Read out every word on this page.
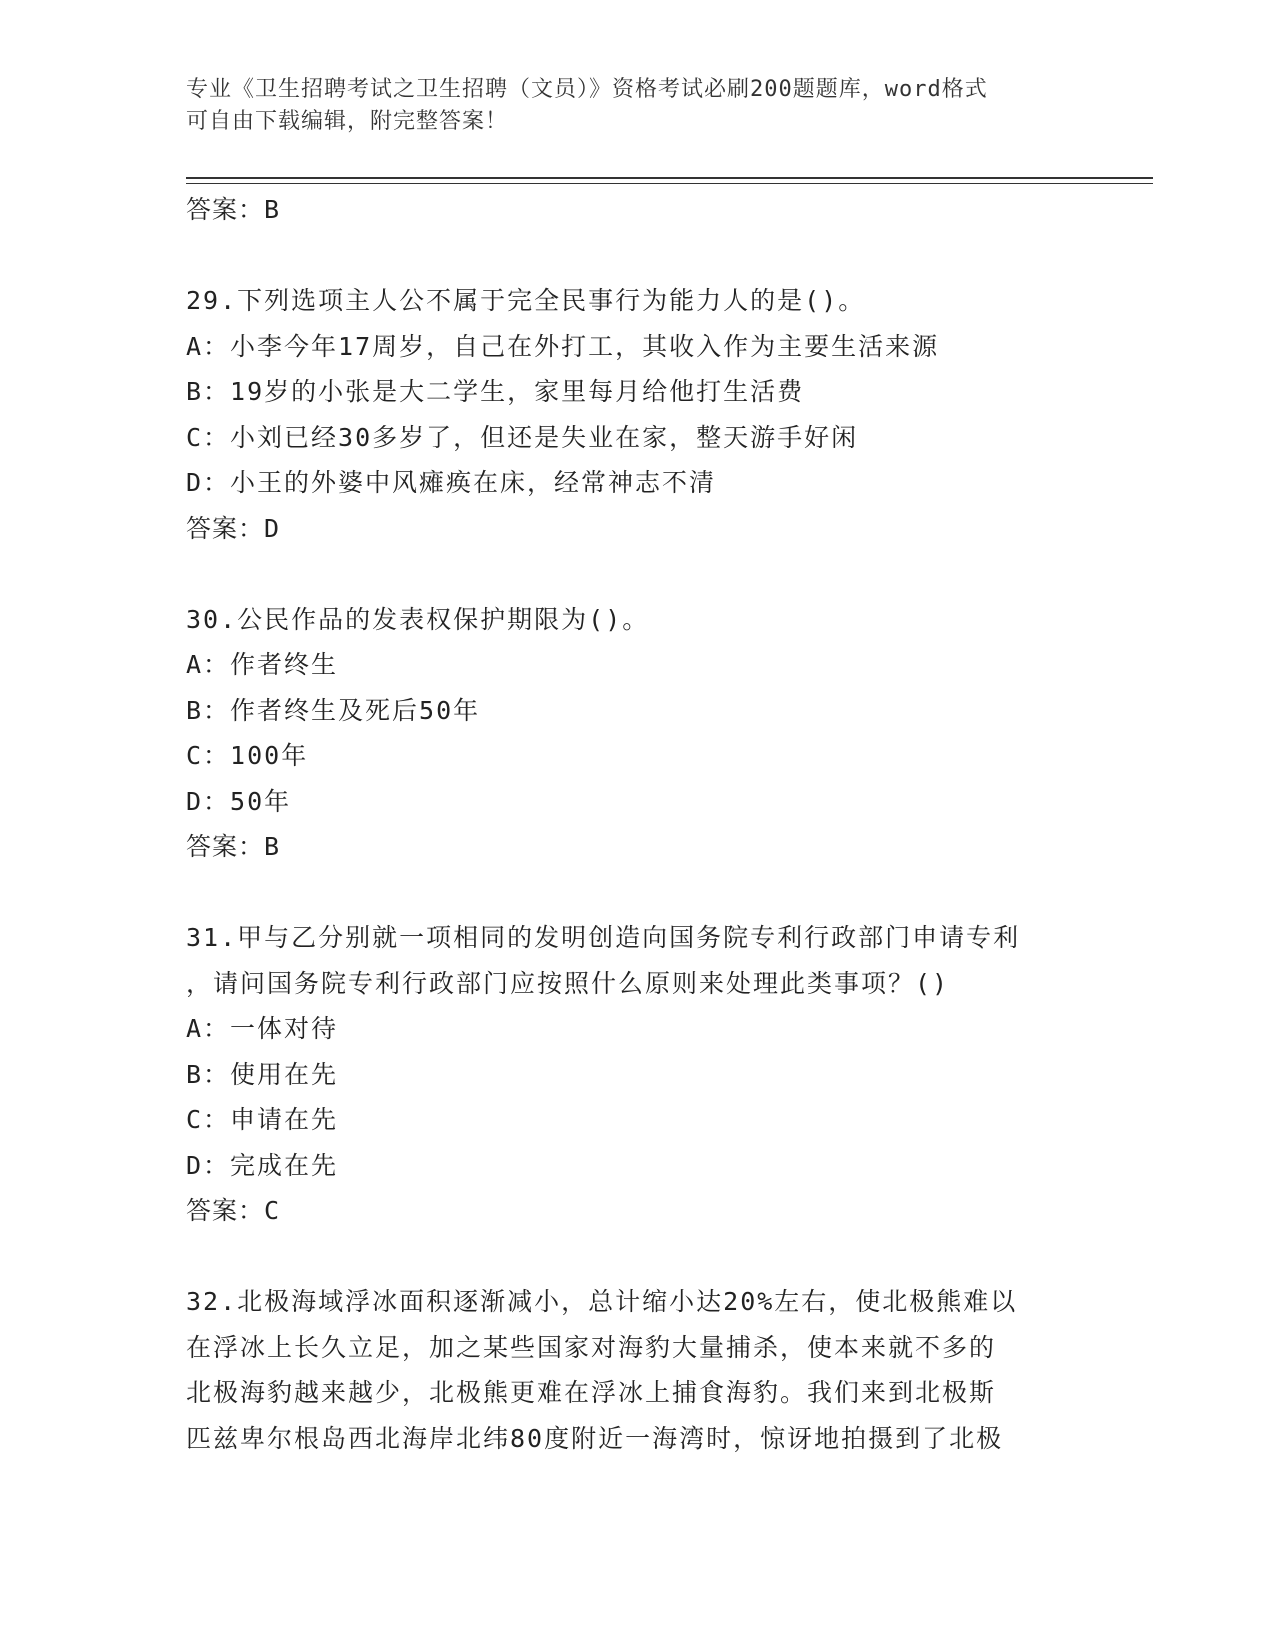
专业《卫生招聘考试之卫生招聘（文员）》资格考试必刷200题题库，word格式
可自由下载编辑，附完整答案！
答案：B
29.下列选项主人公不属于完全民事行为能力人的是()。
A：小李今年17周岁，自己在外打工，其收入作为主要生活来源
B：19岁的小张是大二学生，家里每月给他打生活费
C：小刘已经30多岁了，但还是失业在家，整天游手好闲
D：小王的外婆中风瘫痪在床，经常神志不清
答案：D
30.公民作品的发表权保护期限为()。
A：作者终生
B：作者终生及死后50年
C：100年
D：50年
答案：B
31.甲与乙分别就一项相同的发明创造向国务院专利行政部门申请专利
，请问国务院专利行政部门应按照什么原则来处理此类事项？()
A：一体对待
B：使用在先
C：申请在先
D：完成在先
答案：C
32.北极海域浮冰面积逐渐减小，总计缩小达20%左右，使北极熊难以
在浮冰上长久立足，加之某些国家对海豹大量捕杀，使本来就不多的
北极海豹越来越少，北极熊更难在浮冰上捕食海豹。我们来到北极斯
匹兹卑尔根岛西北海岸北纬80度附近一海湾时，惊讶地拍摄到了北极
